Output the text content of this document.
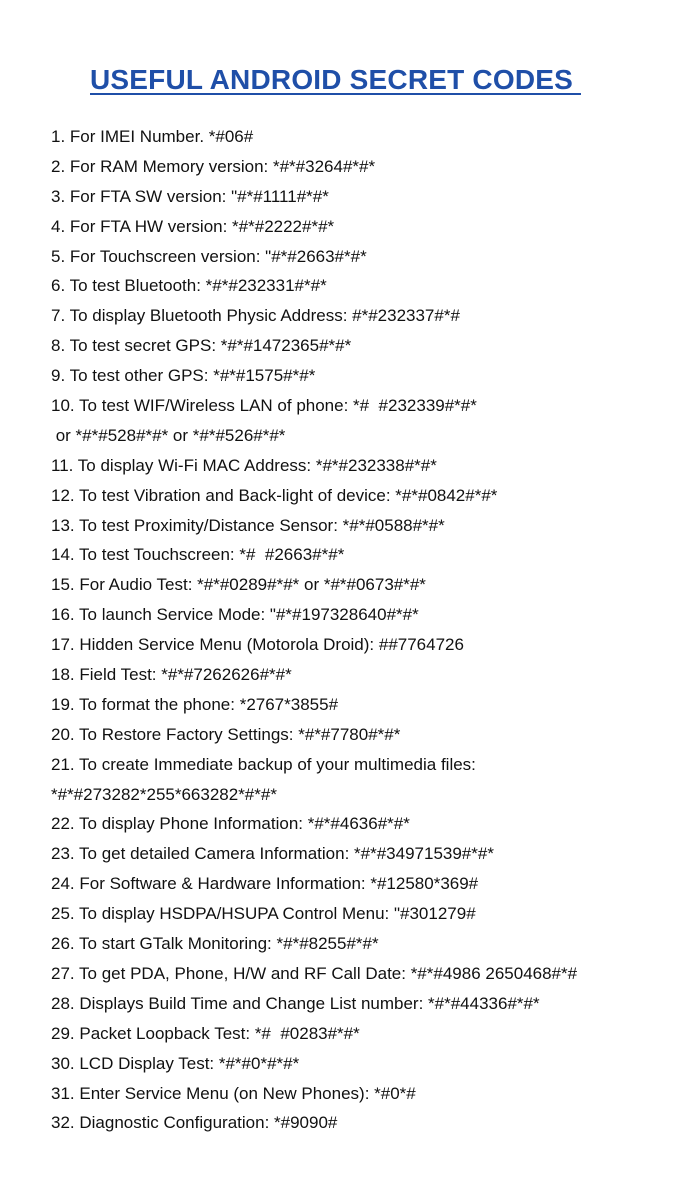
USEFUL ANDROID SECRET CODES
1. For IMEI Number. *#06#
2. For RAM Memory version: *#*#3264#*#*
3. For FTA SW version: "#*#1111#*#*
4. For FTA HW version: *#*#2222#*#*
5. For Touchscreen version: "#*#2663#*#*
6. To test Bluetooth: *#*#232331#*#*
7. To display Bluetooth Physic Address: #*#232337#*#
8. To test secret GPS: *#*#1472365#*#*
9. To test other GPS: *#*#1575#*#*
10. To test WIF/Wireless LAN of phone: *#  #232339#*#*
or *#*#528#*#* or *#*#526#*#*
11. To display Wi-Fi MAC Address: *#*#232338#*#*
12. To test Vibration and Back-light of device: *#*#0842#*#*
13. To test Proximity/Distance Sensor: *#*#0588#*#*
14. To test Touchscreen: *#  #2663#*#*
15. For Audio Test: *#*#0289#*#* or *#*#0673#*#*
16. To launch Service Mode: "#*#197328640#*#*
17. Hidden Service Menu (Motorola Droid): ##7764726
18. Field Test: *#*#7262626#*#*
19. To format the phone: *2767*3855#
20. To Restore Factory Settings: *#*#7780#*#*
21. To create Immediate backup of your multimedia files:
*#*#273282*255*663282*#*#*
22. To display Phone Information: *#*#4636#*#*
23. To get detailed Camera Information: *#*#34971539#*#*
24. For Software & Hardware Information: *#12580*369#
25. To display HSDPA/HSUPA Control Menu: "#301279#
26. To start GTalk Monitoring: *#*#8255#*#*
27. To get PDA, Phone, H/W and RF Call Date: *#*#4986 2650468#*#
28. Displays Build Time and Change List number: *#*#44336#*#*
29. Packet Loopback Test: *#  #0283#*#*
30. LCD Display Test: *#*#0*#*#*
31. Enter Service Menu (on New Phones): *#0*#
32. Diagnostic Configuration: *#9090#
